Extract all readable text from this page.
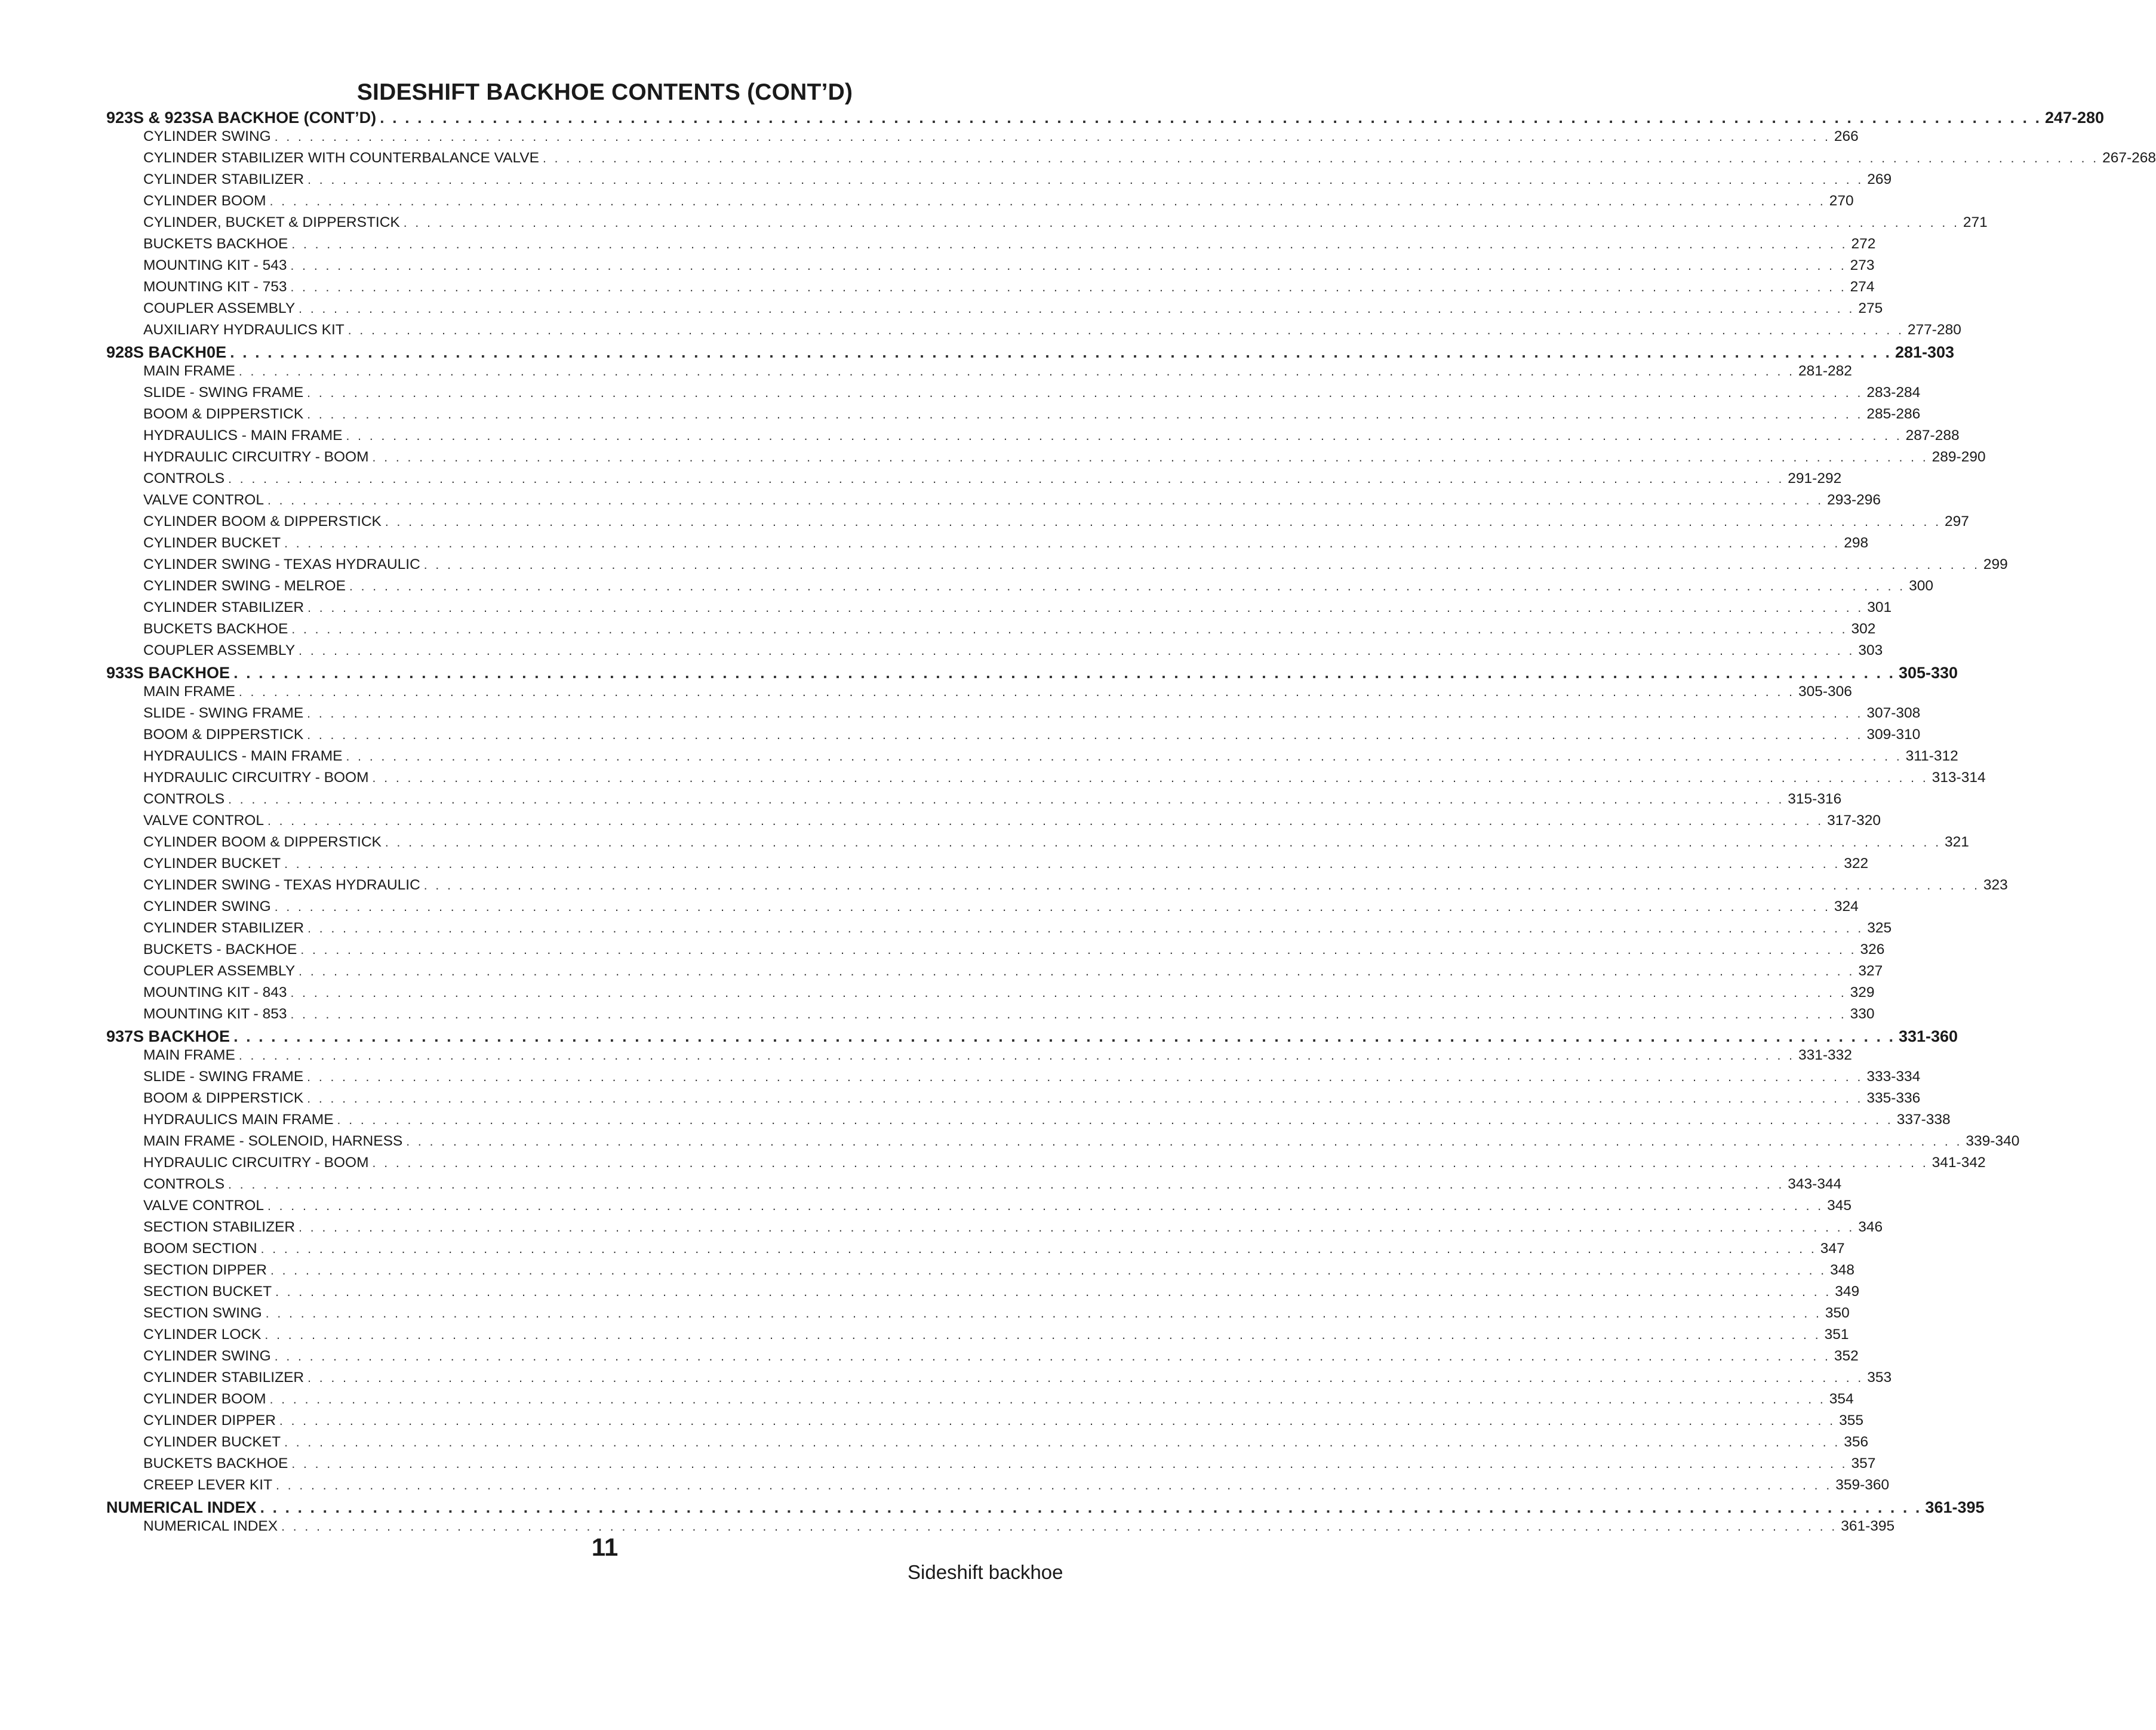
SIDESHIFT BACKHOE CONTENTS (CONT’D)
923S & 923SA BACKHOE (CONT’D) . . . . . . . . . . . . . . . . . . . . . . . . . . . . . . . . . . . . . . . . . . . . . . . . . . . . . . . . . . . . . . . . . . . . . . . . . . . . . . . . . . . . . . . . . . . . . . . . . . . . . . . . . . . . . . . . . . . . . . . . . . . . . . . . . . . . . 247-280
CYLINDER SWING . . . . . . . . . . . . . . . . . . . . . . . . . . . . . . . . . . . . . . . . . . . . . . . . . . . . . . . . . . . . . . . . . . . . . . . . . . . . . . . . . . . . . . . . . . . . . . . . . . . . . . . . . . . . . . . . . . . . . . . . . . . . . . . . . . . . . 266
CYLINDER STABILIZER WITH COUNTERBALANCE VALVE . . . . . . . . . . . . . . . . . . . . . . . . . . . . . . . . . . . . . . . . . . . . . . . . . . . . . . . . . . . . . . . . . . . . . . . . . . . . . . . . . . . . . . . . . . . . . . . . . . . . . . . . . . . . . . . . . . . . . . . . . . . . . . . . . . . . . 267-268
CYLINDER STABILIZER . . . . . . . . . . . . . . . . . . . . . . . . . . . . . . . . . . . . . . . . . . . . . . . . . . . . . . . . . . . . . . . . . . . . . . . . . . . . . . . . . . . . . . . . . . . . . . . . . . . . . . . . . . . . . . . . . . . . . . . . . . . . . . . . . . . . . 269
CYLINDER BOOM . . . . . . . . . . . . . . . . . . . . . . . . . . . . . . . . . . . . . . . . . . . . . . . . . . . . . . . . . . . . . . . . . . . . . . . . . . . . . . . . . . . . . . . . . . . . . . . . . . . . . . . . . . . . . . . . . . . . . . . . . . . . . . . . . . . . . 270
CYLINDER, BUCKET & DIPPERSTICK . . . . . . . . . . . . . . . . . . . . . . . . . . . . . . . . . . . . . . . . . . . . . . . . . . . . . . . . . . . . . . . . . . . . . . . . . . . . . . . . . . . . . . . . . . . . . . . . . . . . . . . . . . . . . . . . . . . . . . . . . . . . . . . . . . . . . 271
BUCKETS BACKHOE . . . . . . . . . . . . . . . . . . . . . . . . . . . . . . . . . . . . . . . . . . . . . . . . . . . . . . . . . . . . . . . . . . . . . . . . . . . . . . . . . . . . . . . . . . . . . . . . . . . . . . . . . . . . . . . . . . . . . . . . . . . . . . . . . . . . . 272
MOUNTING KIT - 543 . . . . . . . . . . . . . . . . . . . . . . . . . . . . . . . . . . . . . . . . . . . . . . . . . . . . . . . . . . . . . . . . . . . . . . . . . . . . . . . . . . . . . . . . . . . . . . . . . . . . . . . . . . . . . . . . . . . . . . . . . . . . . . . . . . . . . 273
MOUNTING KIT - 753 . . . . . . . . . . . . . . . . . . . . . . . . . . . . . . . . . . . . . . . . . . . . . . . . . . . . . . . . . . . . . . . . . . . . . . . . . . . . . . . . . . . . . . . . . . . . . . . . . . . . . . . . . . . . . . . . . . . . . . . . . . . . . . . . . . . . . 274
COUPLER ASSEMBLY . . . . . . . . . . . . . . . . . . . . . . . . . . . . . . . . . . . . . . . . . . . . . . . . . . . . . . . . . . . . . . . . . . . . . . . . . . . . . . . . . . . . . . . . . . . . . . . . . . . . . . . . . . . . . . . . . . . . . . . . . . . . . . . . . . . . . 275
AUXILIARY HYDRAULICS KIT . . . . . . . . . . . . . . . . . . . . . . . . . . . . . . . . . . . . . . . . . . . . . . . . . . . . . . . . . . . . . . . . . . . . . . . . . . . . . . . . . . . . . . . . . . . . . . . . . . . . . . . . . . . . . . . . . . . . . . . . . . . . . . . . . . . . . 277-280
928S BACKH0E . . . . . . . . . . . . . . . . . . . . . . . . . . . . . . . . . . . . . . . . . . . . . . . . . . . . . . . . . . . . . . . . . . . . . . . . . . . . . . . . . . . . . . . . . . . . . . . . . . . . . . . . . . . . . . . . . . . . . . . . . . . . . . . . . . . . . 281-303
MAIN FRAME . . . . . . . . . . . . . . . . . . . . . . . . . . . . . . . . . . . . . . . . . . . . . . . . . . . . . . . . . . . . . . . . . . . . . . . . . . . . . . . . . . . . . . . . . . . . . . . . . . . . . . . . . . . . . . . . . . . . . . . . . . . . . . . . . . . . . 281-282
SLIDE - SWING FRAME . . . . . . . . . . . . . . . . . . . . . . . . . . . . . . . . . . . . . . . . . . . . . . . . . . . . . . . . . . . . . . . . . . . . . . . . . . . . . . . . . . . . . . . . . . . . . . . . . . . . . . . . . . . . . . . . . . . . . . . . . . . . . . . . . . . . . 283-284
BOOM & DIPPERSTICK . . . . . . . . . . . . . . . . . . . . . . . . . . . . . . . . . . . . . . . . . . . . . . . . . . . . . . . . . . . . . . . . . . . . . . . . . . . . . . . . . . . . . . . . . . . . . . . . . . . . . . . . . . . . . . . . . . . . . . . . . . . . . . . . . . . . . 285-286
HYDRAULICS - MAIN FRAME . . . . . . . . . . . . . . . . . . . . . . . . . . . . . . . . . . . . . . . . . . . . . . . . . . . . . . . . . . . . . . . . . . . . . . . . . . . . . . . . . . . . . . . . . . . . . . . . . . . . . . . . . . . . . . . . . . . . . . . . . . . . . . . . . . . . . 287-288
HYDRAULIC CIRCUITRY - BOOM . . . . . . . . . . . . . . . . . . . . . . . . . . . . . . . . . . . . . . . . . . . . . . . . . . . . . . . . . . . . . . . . . . . . . . . . . . . . . . . . . . . . . . . . . . . . . . . . . . . . . . . . . . . . . . . . . . . . . . . . . . . . . . . . . . . . . 289-290
CONTROLS . . . . . . . . . . . . . . . . . . . . . . . . . . . . . . . . . . . . . . . . . . . . . . . . . . . . . . . . . . . . . . . . . . . . . . . . . . . . . . . . . . . . . . . . . . . . . . . . . . . . . . . . . . . . . . . . . . . . . . . . . . . . . . . . . . . . . 291-292
VALVE CONTROL . . . . . . . . . . . . . . . . . . . . . . . . . . . . . . . . . . . . . . . . . . . . . . . . . . . . . . . . . . . . . . . . . . . . . . . . . . . . . . . . . . . . . . . . . . . . . . . . . . . . . . . . . . . . . . . . . . . . . . . . . . . . . . . . . . . . . 293-296
CYLINDER BOOM & DIPPERSTICK . . . . . . . . . . . . . . . . . . . . . . . . . . . . . . . . . . . . . . . . . . . . . . . . . . . . . . . . . . . . . . . . . . . . . . . . . . . . . . . . . . . . . . . . . . . . . . . . . . . . . . . . . . . . . . . . . . . . . . . . . . . . . . . . . . . . . 297
CYLINDER BUCKET . . . . . . . . . . . . . . . . . . . . . . . . . . . . . . . . . . . . . . . . . . . . . . . . . . . . . . . . . . . . . . . . . . . . . . . . . . . . . . . . . . . . . . . . . . . . . . . . . . . . . . . . . . . . . . . . . . . . . . . . . . . . . . . . . . . . . 298
CYLINDER SWING - TEXAS HYDRAULIC . . . . . . . . . . . . . . . . . . . . . . . . . . . . . . . . . . . . . . . . . . . . . . . . . . . . . . . . . . . . . . . . . . . . . . . . . . . . . . . . . . . . . . . . . . . . . . . . . . . . . . . . . . . . . . . . . . . . . . . . . . . . . . . . . . . . . 299
CYLINDER SWING - MELROE . . . . . . . . . . . . . . . . . . . . . . . . . . . . . . . . . . . . . . . . . . . . . . . . . . . . . . . . . . . . . . . . . . . . . . . . . . . . . . . . . . . . . . . . . . . . . . . . . . . . . . . . . . . . . . . . . . . . . . . . . . . . . . . . . . . . . 300
CYLINDER STABILIZER . . . . . . . . . . . . . . . . . . . . . . . . . . . . . . . . . . . . . . . . . . . . . . . . . . . . . . . . . . . . . . . . . . . . . . . . . . . . . . . . . . . . . . . . . . . . . . . . . . . . . . . . . . . . . . . . . . . . . . . . . . . . . . . . . . . . . 301
BUCKETS BACKHOE . . . . . . . . . . . . . . . . . . . . . . . . . . . . . . . . . . . . . . . . . . . . . . . . . . . . . . . . . . . . . . . . . . . . . . . . . . . . . . . . . . . . . . . . . . . . . . . . . . . . . . . . . . . . . . . . . . . . . . . . . . . . . . . . . . . . . 302
COUPLER ASSEMBLY . . . . . . . . . . . . . . . . . . . . . . . . . . . . . . . . . . . . . . . . . . . . . . . . . . . . . . . . . . . . . . . . . . . . . . . . . . . . . . . . . . . . . . . . . . . . . . . . . . . . . . . . . . . . . . . . . . . . . . . . . . . . . . . . . . . . . 303
933S BACKHOE . . . . . . . . . . . . . . . . . . . . . . . . . . . . . . . . . . . . . . . . . . . . . . . . . . . . . . . . . . . . . . . . . . . . . . . . . . . . . . . . . . . . . . . . . . . . . . . . . . . . . . . . . . . . . . . . . . . . . . . . . . . . . . . . . . . . . 305-330
MAIN FRAME . . . . . . . . . . . . . . . . . . . . . . . . . . . . . . . . . . . . . . . . . . . . . . . . . . . . . . . . . . . . . . . . . . . . . . . . . . . . . . . . . . . . . . . . . . . . . . . . . . . . . . . . . . . . . . . . . . . . . . . . . . . . . . . . . . . . . 305-306
SLIDE - SWING FRAME . . . . . . . . . . . . . . . . . . . . . . . . . . . . . . . . . . . . . . . . . . . . . . . . . . . . . . . . . . . . . . . . . . . . . . . . . . . . . . . . . . . . . . . . . . . . . . . . . . . . . . . . . . . . . . . . . . . . . . . . . . . . . . . . . . . . . 307-308
BOOM & DIPPERSTICK . . . . . . . . . . . . . . . . . . . . . . . . . . . . . . . . . . . . . . . . . . . . . . . . . . . . . . . . . . . . . . . . . . . . . . . . . . . . . . . . . . . . . . . . . . . . . . . . . . . . . . . . . . . . . . . . . . . . . . . . . . . . . . . . . . . . . 309-310
HYDRAULICS - MAIN FRAME . . . . . . . . . . . . . . . . . . . . . . . . . . . . . . . . . . . . . . . . . . . . . . . . . . . . . . . . . . . . . . . . . . . . . . . . . . . . . . . . . . . . . . . . . . . . . . . . . . . . . . . . . . . . . . . . . . . . . . . . . . . . . . . . . . . . . 311-312
HYDRAULIC CIRCUITRY - BOOM . . . . . . . . . . . . . . . . . . . . . . . . . . . . . . . . . . . . . . . . . . . . . . . . . . . . . . . . . . . . . . . . . . . . . . . . . . . . . . . . . . . . . . . . . . . . . . . . . . . . . . . . . . . . . . . . . . . . . . . . . . . . . . . . . . . . . 313-314
CONTROLS . . . . . . . . . . . . . . . . . . . . . . . . . . . . . . . . . . . . . . . . . . . . . . . . . . . . . . . . . . . . . . . . . . . . . . . . . . . . . . . . . . . . . . . . . . . . . . . . . . . . . . . . . . . . . . . . . . . . . . . . . . . . . . . . . . . . . 315-316
VALVE CONTROL . . . . . . . . . . . . . . . . . . . . . . . . . . . . . . . . . . . . . . . . . . . . . . . . . . . . . . . . . . . . . . . . . . . . . . . . . . . . . . . . . . . . . . . . . . . . . . . . . . . . . . . . . . . . . . . . . . . . . . . . . . . . . . . . . . . . . 317-320
CYLINDER BOOM & DIPPERSTICK . . . . . . . . . . . . . . . . . . . . . . . . . . . . . . . . . . . . . . . . . . . . . . . . . . . . . . . . . . . . . . . . . . . . . . . . . . . . . . . . . . . . . . . . . . . . . . . . . . . . . . . . . . . . . . . . . . . . . . . . . . . . . . . . . . . . . 321
CYLINDER BUCKET . . . . . . . . . . . . . . . . . . . . . . . . . . . . . . . . . . . . . . . . . . . . . . . . . . . . . . . . . . . . . . . . . . . . . . . . . . . . . . . . . . . . . . . . . . . . . . . . . . . . . . . . . . . . . . . . . . . . . . . . . . . . . . . . . . . . . 322
CYLINDER SWING - TEXAS HYDRAULIC . . . . . . . . . . . . . . . . . . . . . . . . . . . . . . . . . . . . . . . . . . . . . . . . . . . . . . . . . . . . . . . . . . . . . . . . . . . . . . . . . . . . . . . . . . . . . . . . . . . . . . . . . . . . . . . . . . . . . . . . . . . . . . . . . . . . . 323
CYLINDER SWING . . . . . . . . . . . . . . . . . . . . . . . . . . . . . . . . . . . . . . . . . . . . . . . . . . . . . . . . . . . . . . . . . . . . . . . . . . . . . . . . . . . . . . . . . . . . . . . . . . . . . . . . . . . . . . . . . . . . . . . . . . . . . . . . . . . . . 324
CYLINDER STABILIZER . . . . . . . . . . . . . . . . . . . . . . . . . . . . . . . . . . . . . . . . . . . . . . . . . . . . . . . . . . . . . . . . . . . . . . . . . . . . . . . . . . . . . . . . . . . . . . . . . . . . . . . . . . . . . . . . . . . . . . . . . . . . . . . . . . . . . 325
BUCKETS - BACKHOE . . . . . . . . . . . . . . . . . . . . . . . . . . . . . . . . . . . . . . . . . . . . . . . . . . . . . . . . . . . . . . . . . . . . . . . . . . . . . . . . . . . . . . . . . . . . . . . . . . . . . . . . . . . . . . . . . . . . . . . . . . . . . . . . . . . . . 326
COUPLER ASSEMBLY . . . . . . . . . . . . . . . . . . . . . . . . . . . . . . . . . . . . . . . . . . . . . . . . . . . . . . . . . . . . . . . . . . . . . . . . . . . . . . . . . . . . . . . . . . . . . . . . . . . . . . . . . . . . . . . . . . . . . . . . . . . . . . . . . . . . . 327
MOUNTING KIT - 843 . . . . . . . . . . . . . . . . . . . . . . . . . . . . . . . . . . . . . . . . . . . . . . . . . . . . . . . . . . . . . . . . . . . . . . . . . . . . . . . . . . . . . . . . . . . . . . . . . . . . . . . . . . . . . . . . . . . . . . . . . . . . . . . . . . . . . 329
MOUNTING KIT - 853 . . . . . . . . . . . . . . . . . . . . . . . . . . . . . . . . . . . . . . . . . . . . . . . . . . . . . . . . . . . . . . . . . . . . . . . . . . . . . . . . . . . . . . . . . . . . . . . . . . . . . . . . . . . . . . . . . . . . . . . . . . . . . . . . . . . . . 330
937S BACKHOE . . . . . . . . . . . . . . . . . . . . . . . . . . . . . . . . . . . . . . . . . . . . . . . . . . . . . . . . . . . . . . . . . . . . . . . . . . . . . . . . . . . . . . . . . . . . . . . . . . . . . . . . . . . . . . . . . . . . . . . . . . . . . . . . . . . . . 331-360
MAIN FRAME . . . . . . . . . . . . . . . . . . . . . . . . . . . . . . . . . . . . . . . . . . . . . . . . . . . . . . . . . . . . . . . . . . . . . . . . . . . . . . . . . . . . . . . . . . . . . . . . . . . . . . . . . . . . . . . . . . . . . . . . . . . . . . . . . . . . . 331-332
SLIDE - SWING FRAME . . . . . . . . . . . . . . . . . . . . . . . . . . . . . . . . . . . . . . . . . . . . . . . . . . . . . . . . . . . . . . . . . . . . . . . . . . . . . . . . . . . . . . . . . . . . . . . . . . . . . . . . . . . . . . . . . . . . . . . . . . . . . . . . . . . . . 333-334
BOOM & DIPPERSTICK . . . . . . . . . . . . . . . . . . . . . . . . . . . . . . . . . . . . . . . . . . . . . . . . . . . . . . . . . . . . . . . . . . . . . . . . . . . . . . . . . . . . . . . . . . . . . . . . . . . . . . . . . . . . . . . . . . . . . . . . . . . . . . . . . . . . . 335-336
HYDRAULICS MAIN FRAME . . . . . . . . . . . . . . . . . . . . . . . . . . . . . . . . . . . . . . . . . . . . . . . . . . . . . . . . . . . . . . . . . . . . . . . . . . . . . . . . . . . . . . . . . . . . . . . . . . . . . . . . . . . . . . . . . . . . . . . . . . . . . . . . . . . . . 337-338
MAIN FRAME - SOLENOID, HARNESS . . . . . . . . . . . . . . . . . . . . . . . . . . . . . . . . . . . . . . . . . . . . . . . . . . . . . . . . . . . . . . . . . . . . . . . . . . . . . . . . . . . . . . . . . . . . . . . . . . . . . . . . . . . . . . . . . . . . . . . . . . . . . . . . . . . . . 339-340
HYDRAULIC CIRCUITRY - BOOM . . . . . . . . . . . . . . . . . . . . . . . . . . . . . . . . . . . . . . . . . . . . . . . . . . . . . . . . . . . . . . . . . . . . . . . . . . . . . . . . . . . . . . . . . . . . . . . . . . . . . . . . . . . . . . . . . . . . . . . . . . . . . . . . . . . . . 341-342
CONTROLS . . . . . . . . . . . . . . . . . . . . . . . . . . . . . . . . . . . . . . . . . . . . . . . . . . . . . . . . . . . . . . . . . . . . . . . . . . . . . . . . . . . . . . . . . . . . . . . . . . . . . . . . . . . . . . . . . . . . . . . . . . . . . . . . . . . . . 343-344
VALVE CONTROL . . . . . . . . . . . . . . . . . . . . . . . . . . . . . . . . . . . . . . . . . . . . . . . . . . . . . . . . . . . . . . . . . . . . . . . . . . . . . . . . . . . . . . . . . . . . . . . . . . . . . . . . . . . . . . . . . . . . . . . . . . . . . . . . . . . . . 345
SECTION STABILIZER . . . . . . . . . . . . . . . . . . . . . . . . . . . . . . . . . . . . . . . . . . . . . . . . . . . . . . . . . . . . . . . . . . . . . . . . . . . . . . . . . . . . . . . . . . . . . . . . . . . . . . . . . . . . . . . . . . . . . . . . . . . . . . . . . . . . . 346
BOOM SECTION . . . . . . . . . . . . . . . . . . . . . . . . . . . . . . . . . . . . . . . . . . . . . . . . . . . . . . . . . . . . . . . . . . . . . . . . . . . . . . . . . . . . . . . . . . . . . . . . . . . . . . . . . . . . . . . . . . . . . . . . . . . . . . . . . . . . . 347
SECTION DIPPER . . . . . . . . . . . . . . . . . . . . . . . . . . . . . . . . . . . . . . . . . . . . . . . . . . . . . . . . . . . . . . . . . . . . . . . . . . . . . . . . . . . . . . . . . . . . . . . . . . . . . . . . . . . . . . . . . . . . . . . . . . . . . . . . . . . . . 348
SECTION BUCKET . . . . . . . . . . . . . . . . . . . . . . . . . . . . . . . . . . . . . . . . . . . . . . . . . . . . . . . . . . . . . . . . . . . . . . . . . . . . . . . . . . . . . . . . . . . . . . . . . . . . . . . . . . . . . . . . . . . . . . . . . . . . . . . . . . . . . 349
SECTION SWING . . . . . . . . . . . . . . . . . . . . . . . . . . . . . . . . . . . . . . . . . . . . . . . . . . . . . . . . . . . . . . . . . . . . . . . . . . . . . . . . . . . . . . . . . . . . . . . . . . . . . . . . . . . . . . . . . . . . . . . . . . . . . . . . . . . . . 350
CYLINDER LOCK . . . . . . . . . . . . . . . . . . . . . . . . . . . . . . . . . . . . . . . . . . . . . . . . . . . . . . . . . . . . . . . . . . . . . . . . . . . . . . . . . . . . . . . . . . . . . . . . . . . . . . . . . . . . . . . . . . . . . . . . . . . . . . . . . . . . . 351
CYLINDER SWING . . . . . . . . . . . . . . . . . . . . . . . . . . . . . . . . . . . . . . . . . . . . . . . . . . . . . . . . . . . . . . . . . . . . . . . . . . . . . . . . . . . . . . . . . . . . . . . . . . . . . . . . . . . . . . . . . . . . . . . . . . . . . . . . . . . . . 352
CYLINDER STABILIZER . . . . . . . . . . . . . . . . . . . . . . . . . . . . . . . . . . . . . . . . . . . . . . . . . . . . . . . . . . . . . . . . . . . . . . . . . . . . . . . . . . . . . . . . . . . . . . . . . . . . . . . . . . . . . . . . . . . . . . . . . . . . . . . . . . . . . 353
CYLINDER BOOM . . . . . . . . . . . . . . . . . . . . . . . . . . . . . . . . . . . . . . . . . . . . . . . . . . . . . . . . . . . . . . . . . . . . . . . . . . . . . . . . . . . . . . . . . . . . . . . . . . . . . . . . . . . . . . . . . . . . . . . . . . . . . . . . . . . . . 354
CYLINDER DIPPER . . . . . . . . . . . . . . . . . . . . . . . . . . . . . . . . . . . . . . . . . . . . . . . . . . . . . . . . . . . . . . . . . . . . . . . . . . . . . . . . . . . . . . . . . . . . . . . . . . . . . . . . . . . . . . . . . . . . . . . . . . . . . . . . . . . . . 355
CYLINDER BUCKET . . . . . . . . . . . . . . . . . . . . . . . . . . . . . . . . . . . . . . . . . . . . . . . . . . . . . . . . . . . . . . . . . . . . . . . . . . . . . . . . . . . . . . . . . . . . . . . . . . . . . . . . . . . . . . . . . . . . . . . . . . . . . . . . . . . . . 356
BUCKETS BACKHOE . . . . . . . . . . . . . . . . . . . . . . . . . . . . . . . . . . . . . . . . . . . . . . . . . . . . . . . . . . . . . . . . . . . . . . . . . . . . . . . . . . . . . . . . . . . . . . . . . . . . . . . . . . . . . . . . . . . . . . . . . . . . . . . . . . . . . 357
CREEP LEVER KIT . . . . . . . . . . . . . . . . . . . . . . . . . . . . . . . . . . . . . . . . . . . . . . . . . . . . . . . . . . . . . . . . . . . . . . . . . . . . . . . . . . . . . . . . . . . . . . . . . . . . . . . . . . . . . . . . . . . . . . . . . . . . . . . . . . . . . 359-360
NUMERICAL INDEX . . . . . . . . . . . . . . . . . . . . . . . . . . . . . . . . . . . . . . . . . . . . . . . . . . . . . . . . . . . . . . . . . . . . . . . . . . . . . . . . . . . . . . . . . . . . . . . . . . . . . . . . . . . . . . . . . . . . . . . . . . . . . . . . . . . . . 361-395
NUMERICAL INDEX . . . . . . . . . . . . . . . . . . . . . . . . . . . . . . . . . . . . . . . . . . . . . . . . . . . . . . . . . . . . . . . . . . . . . . . . . . . . . . . . . . . . . . . . . . . . . . . . . . . . . . . . . . . . . . . . . . . . . . . . . . . . . . . . . . . . . 361-395
11
Sideshift backhoe
